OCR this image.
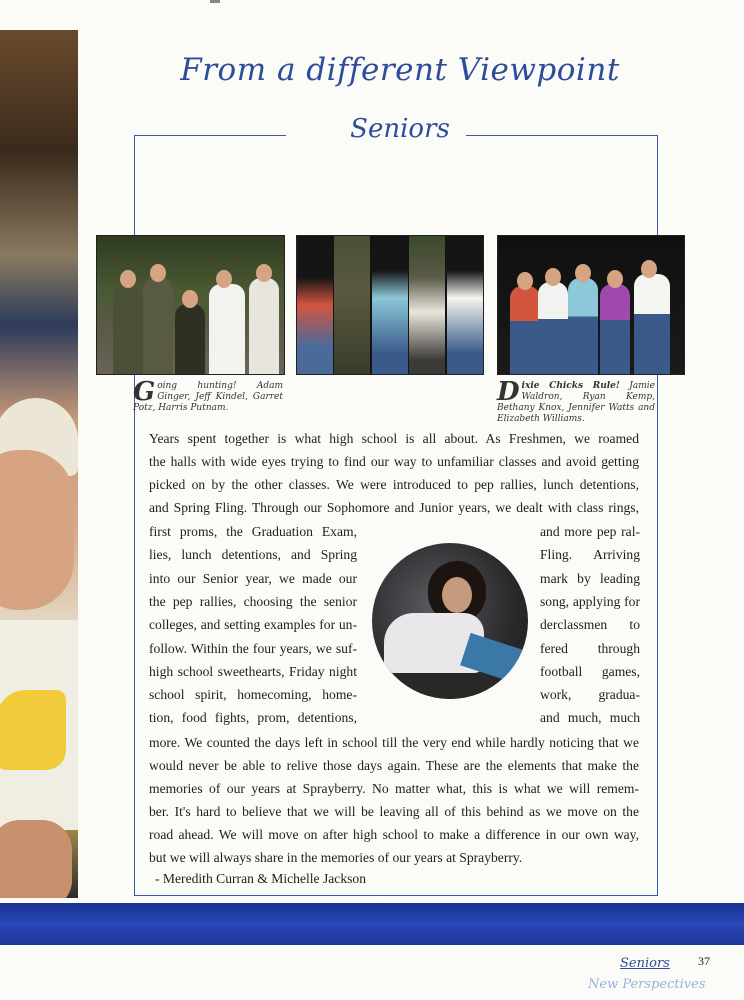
From a different Viewpoint
Seniors
Going hunting! Adam Ginger, Jeff Kindel, Garret Potz, Harris Putnam.
Dixie Chicks Rule! Jamie Waldron, Ryan Kemp, Bethany Knox, Jennifer Watts and Elizabeth Williams.
Years spent together is what high school is all about. As Freshmen, we roamed
the halls with wide eyes trying to find our way to unfamiliar classes and avoid getting
picked on by the other classes. We were introduced to pep rallies, lunch detentions,
and Spring Fling. Through our Sophomore and Junior years, we dealt with class rings,
first proms, the Graduation Exam,
lies, lunch detentions, and Spring
into our Senior year, we made our
the pep rallies, choosing the senior
colleges, and setting examples for un-
follow. Within the four years, we suf-
high school sweethearts, Friday night
school spirit, homecoming, home-
tion, food fights, prom, detentions,
and more pep ral-
Fling. Arriving
mark by leading
song, applying for
derclassmen to
fered through
football games,
work, gradua-
and much, much
more. We counted the days left in school till the very end while hardly noticing that we
would never be able to relive those days again. These are the elements that make the
memories of our years at Sprayberry. No matter what, this is what we will remem-
ber. It's hard to believe that we will be leaving all of this behind as we move on the
road ahead. We will move on after high school to make a difference in our own way,
but we will always share in the memories of our years at Sprayberry.
- Meredith Curran & Michelle Jackson
Seniors 37
New Perspectives
